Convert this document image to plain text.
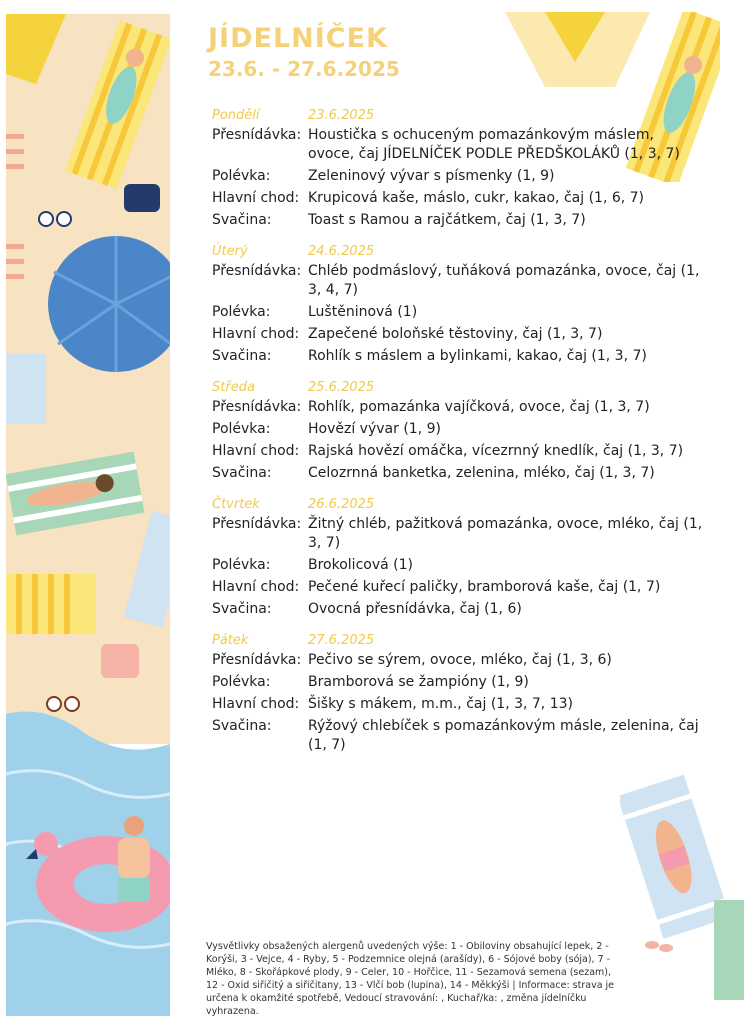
JÍDELNÍČEK
23.6. - 27.6.2025
Pondělí	23.6.2025
Přesnídávka: Houstička s ochuceným pomazánkovým máslem, ovoce, čaj JÍDELNÍČEK PODLE PŘEDŠKOLÁKŮ (1, 3, 7)
Polévka:	Zeleninový vývar s písmenky (1, 9)
Hlavní chod: Krupicová kaše, máslo, cukr, kakao, čaj (1, 6, 7)
Svačina:	Toast s Ramou a rajčátkem, čaj (1, 3, 7)
Úterý	24.6.2025
Přesnídávka: Chléb podmáslový, tuňáková pomazánka, ovoce, čaj (1, 3, 4, 7)
Polévka:	Luštěninová (1)
Hlavní chod: Zapečené boloňské těstoviny, čaj (1, 3, 7)
Svačina:	Rohlík s máslem a bylinkami, kakao, čaj (1, 3, 7)
Středa	25.6.2025
Přesnídávka: Rohlík, pomazánka vajíčková, ovoce, čaj (1, 3, 7)
Polévka:	Hovězí vývar (1, 9)
Hlavní chod: Rajská hovězí omáčka, vícezrnný knedlík, čaj (1, 3, 7)
Svačina:	Celozrnná banketka, zelenina, mléko, čaj (1, 3, 7)
Čtvrtek	26.6.2025
Přesnídávka: Žitný chléb, pažitková pomazánka, ovoce, mléko, čaj (1, 3, 7)
Polévka:	Brokolicová (1)
Hlavní chod: Pečené kuřecí paličky, bramborová kaše, čaj (1, 7)
Svačina:	Ovocná přesnídávka, čaj (1, 6)
Pátek	27.6.2025
Přesnídávka: Pečivo se sýrem, ovoce, mléko, čaj (1, 3, 6)
Polévka:	Bramborová se žampióny (1, 9)
Hlavní chod: Šišky s mákem, m.m., čaj (1, 3, 7, 13)
Svačina:	Rýžový chlebíček s pomazánkovým másle, zelenina, čaj (1, 7)
Vysvětlivky obsažených alergenů uvedených výše: 1 - Obiloviny obsahující lepek, 2 - Korýši, 3 - Vejce, 4 - Ryby, 5 - Podzemnice olejná (arašídy), 6 - Sójové boby (sója), 7 - Mléko, 8 - Skořápkové plody, 9 - Celer, 10 - Hořčice, 11 - Sezamová semena (sezam), 12 - Oxid siřičitý a siřičitany, 13 - Vlčí bob (lupina), 14 - Měkkýši | Informace: strava je určena k okamžité spotřebě, Vedoucí stravování: , Kuchař/ka: , změna jídelníčku vyhrazena.
